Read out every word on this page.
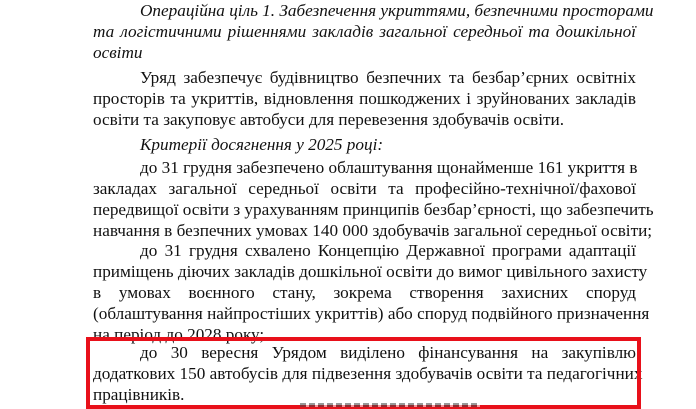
Операційна ціль 1. Забезпечення укриттями, безпечними просторами
та логістичними рішеннями закладів загальної середньої та дошкільної
освіти
Уряд забезпечує будівництво безпечних та безбар’єрних освітніх
просторів та укриттів, відновлення пошкоджених і зруйнованих закладів
освіти та закуповує автобуси для перевезення здобувачів освіти.
Критерії досягнення у 2025 році:
до 31 грудня забезпечено облаштування щонайменше 161 укриття в
закладах загальної середньої освіти та професійно-технічної/фахової
передвищої освіти з урахуванням принципів безбар’єрності, що забезпечить
навчання в безпечних умовах 140 000 здобувачів загальної середньої освіти;
до 31 грудня схвалено Концепцію Державної програми адаптації
приміщень діючих закладів дошкільної освіти до вимог цивільного захисту
в умовах воєнного стану, зокрема створення захисних споруд
(облаштування найпростіших укриттів) або споруд подвійного призначення
на період до 2028 року;
до 30 вересня Урядом виділено фінансування на закупівлю
додаткових 150 автобусів для підвезення здобувачів освіти та педагогічних
працівників.
